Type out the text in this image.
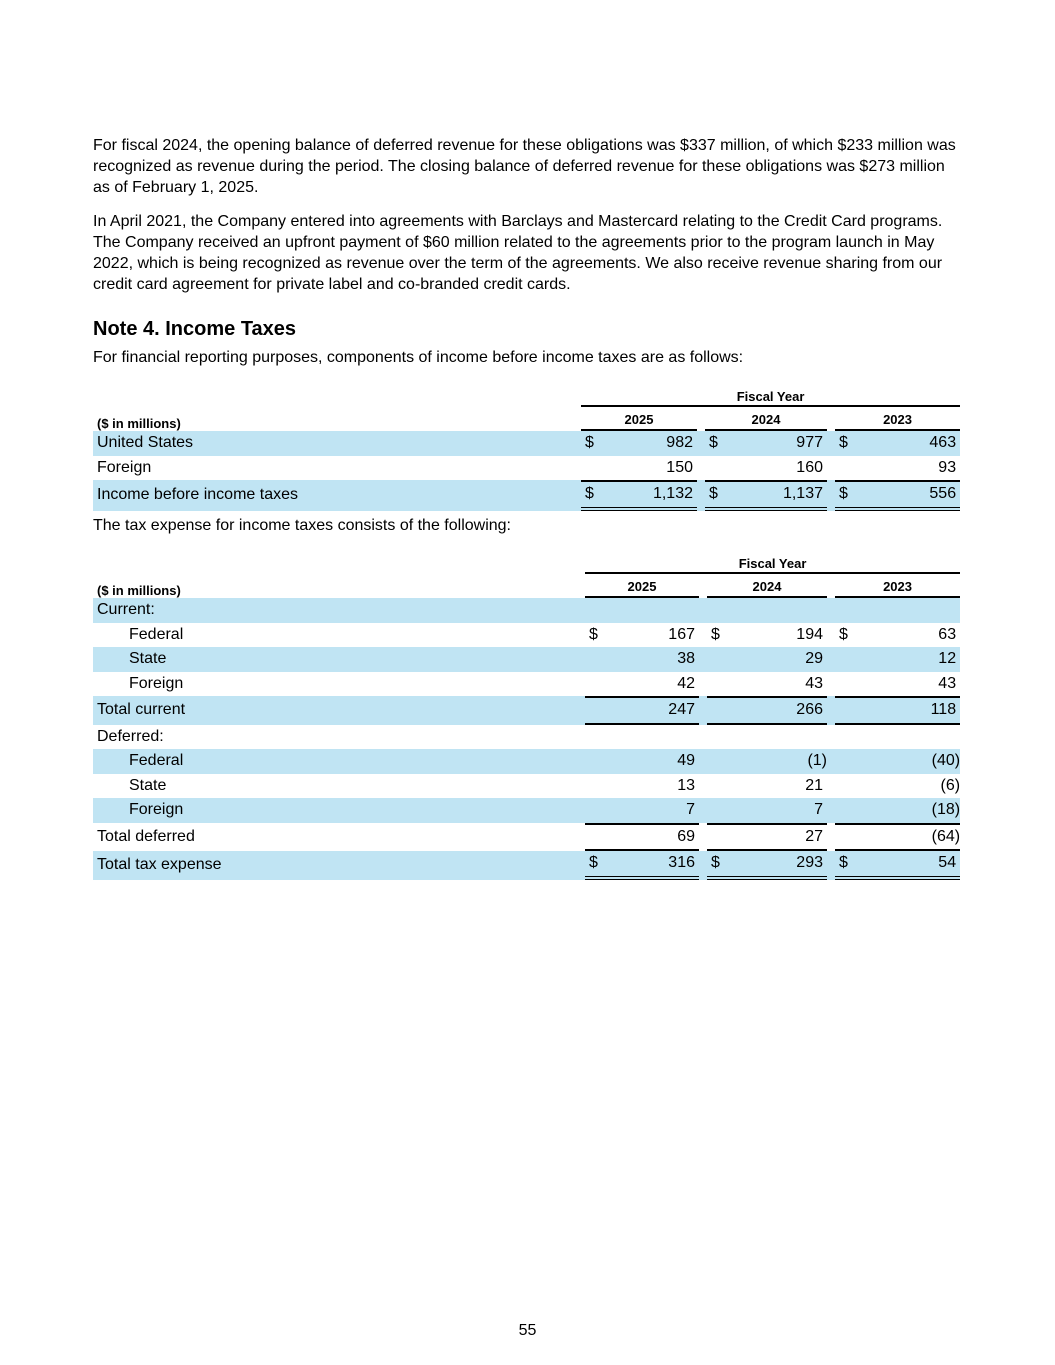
For fiscal 2024, the opening balance of deferred revenue for these obligations was $337 million, of which $233 million was recognized as revenue during the period. The closing balance of deferred revenue for these obligations was $273 million as of February 1, 2025.

In April 2021, the Company entered into agreements with Barclays and Mastercard relating to the Credit Card programs. The Company received an upfront payment of $60 million related to the agreements prior to the program launch in May 2022, which is being recognized as revenue over the term of the agreements. We also receive revenue sharing from our credit card agreement for private label and co-branded credit cards.

Note 4. Income Taxes
For financial reporting purposes, components of income before income taxes are as follows:

	Fiscal Year							

($ in millions)	2025			2024			2023	

United States	$	982		$	977		$	463
Foreign		150			160			93
Income before income taxes	$	1,132		$	1,137		$	556
The tax expense for income taxes consists of the following:

	Fiscal Year							

($ in millions)	2025			2024			2023	

Current:								
Federal	$	167		$	194		$	63
State		38			29			12
Foreign		42			43			43
Total current		247			266			118
Deferred:								
Federal		49			(1)			(40)
State		13			21			(6)
Foreign		7			7			(18)
Total deferred		69			27			(64)
Total tax expense	$	316		$	293		$	54
55
